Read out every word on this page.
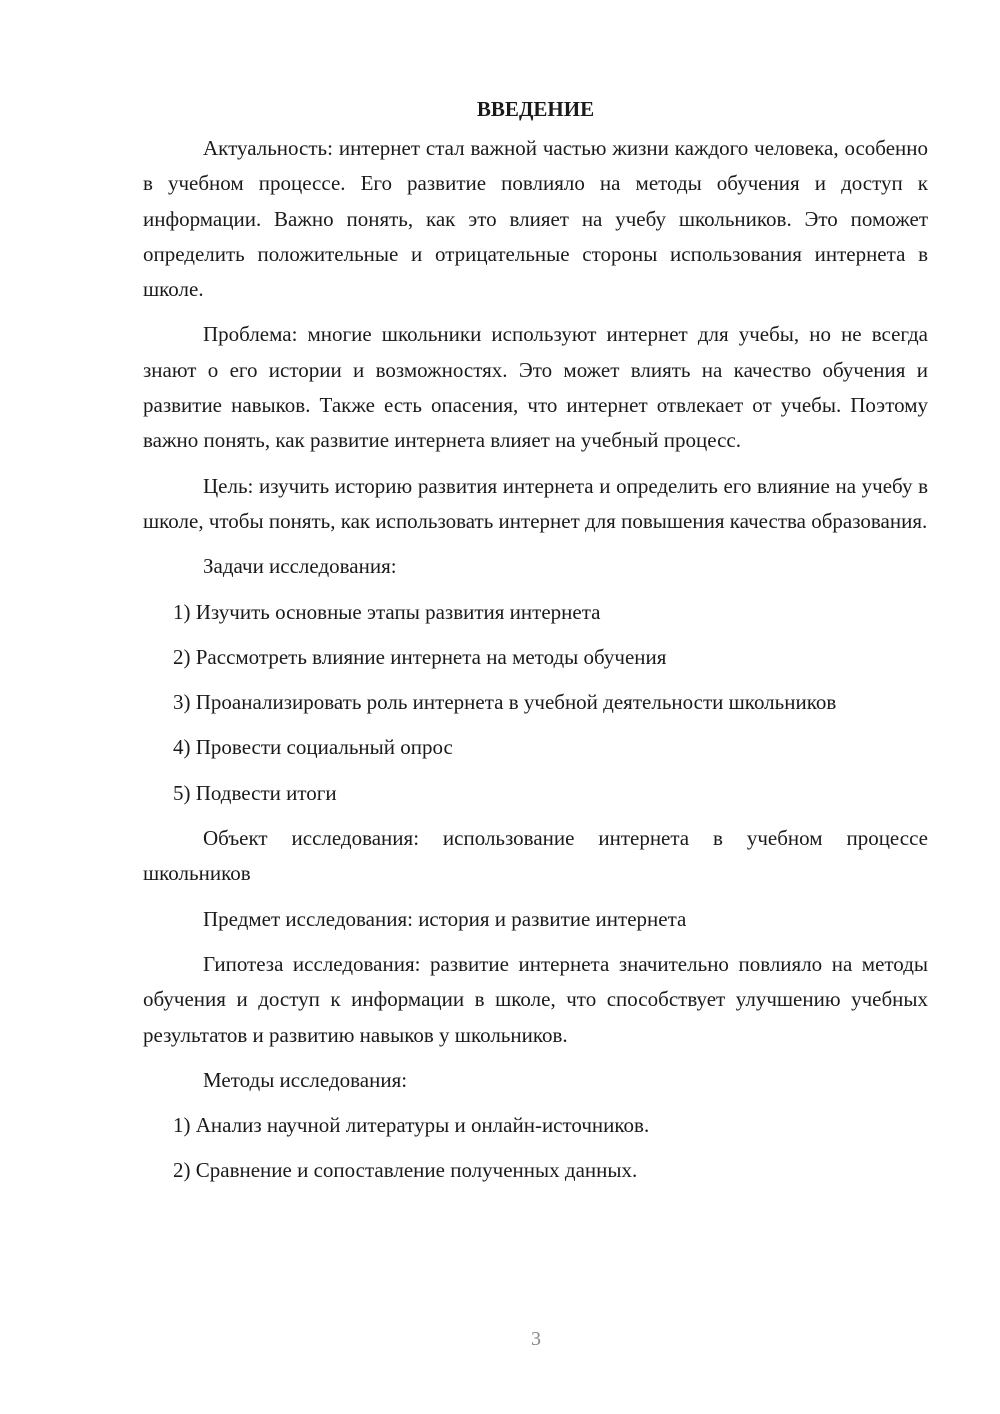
ВВЕДЕНИЕ

Актуальность: интернет стал важной частью жизни каждого человека, особенно в учебном процессе. Его развитие повлияло на методы обучения и доступ к информации. Важно понять, как это влияет на учебу школьников. Это поможет определить положительные и отрицательные стороны использования интернета в школе.

Проблема: многие школьники используют интернет для учебы, но не всегда знают о его истории и возможностях. Это может влиять на качество обучения и развитие навыков. Также есть опасения, что интернет отвлекает от учебы. Поэтому важно понять, как развитие интернета влияет на учебный процесс.

Цель: изучить историю развития интернета и определить его влияние на учебу в школе, чтобы понять, как использовать интернет для повышения качества образования.

Задачи исследования:

1) Изучить основные этапы развития интернета

2) Рассмотреть влияние интернета на методы обучения

3) Проанализировать роль интернета в учебной деятельности школьников

4) Провести социальный опрос

5) Подвести итоги

Объект исследования: использование интернета в учебном процессе школьников

Предмет исследования: история и развитие интернета

Гипотеза исследования: развитие интернета значительно повлияло на методы обучения и доступ к информации в школе, что способствует улучшению учебных результатов и развитию навыков у школьников.

Методы исследования:

1) Анализ научной литературы и онлайн-источников.

2) Сравнение и сопоставление полученных данных.

3
